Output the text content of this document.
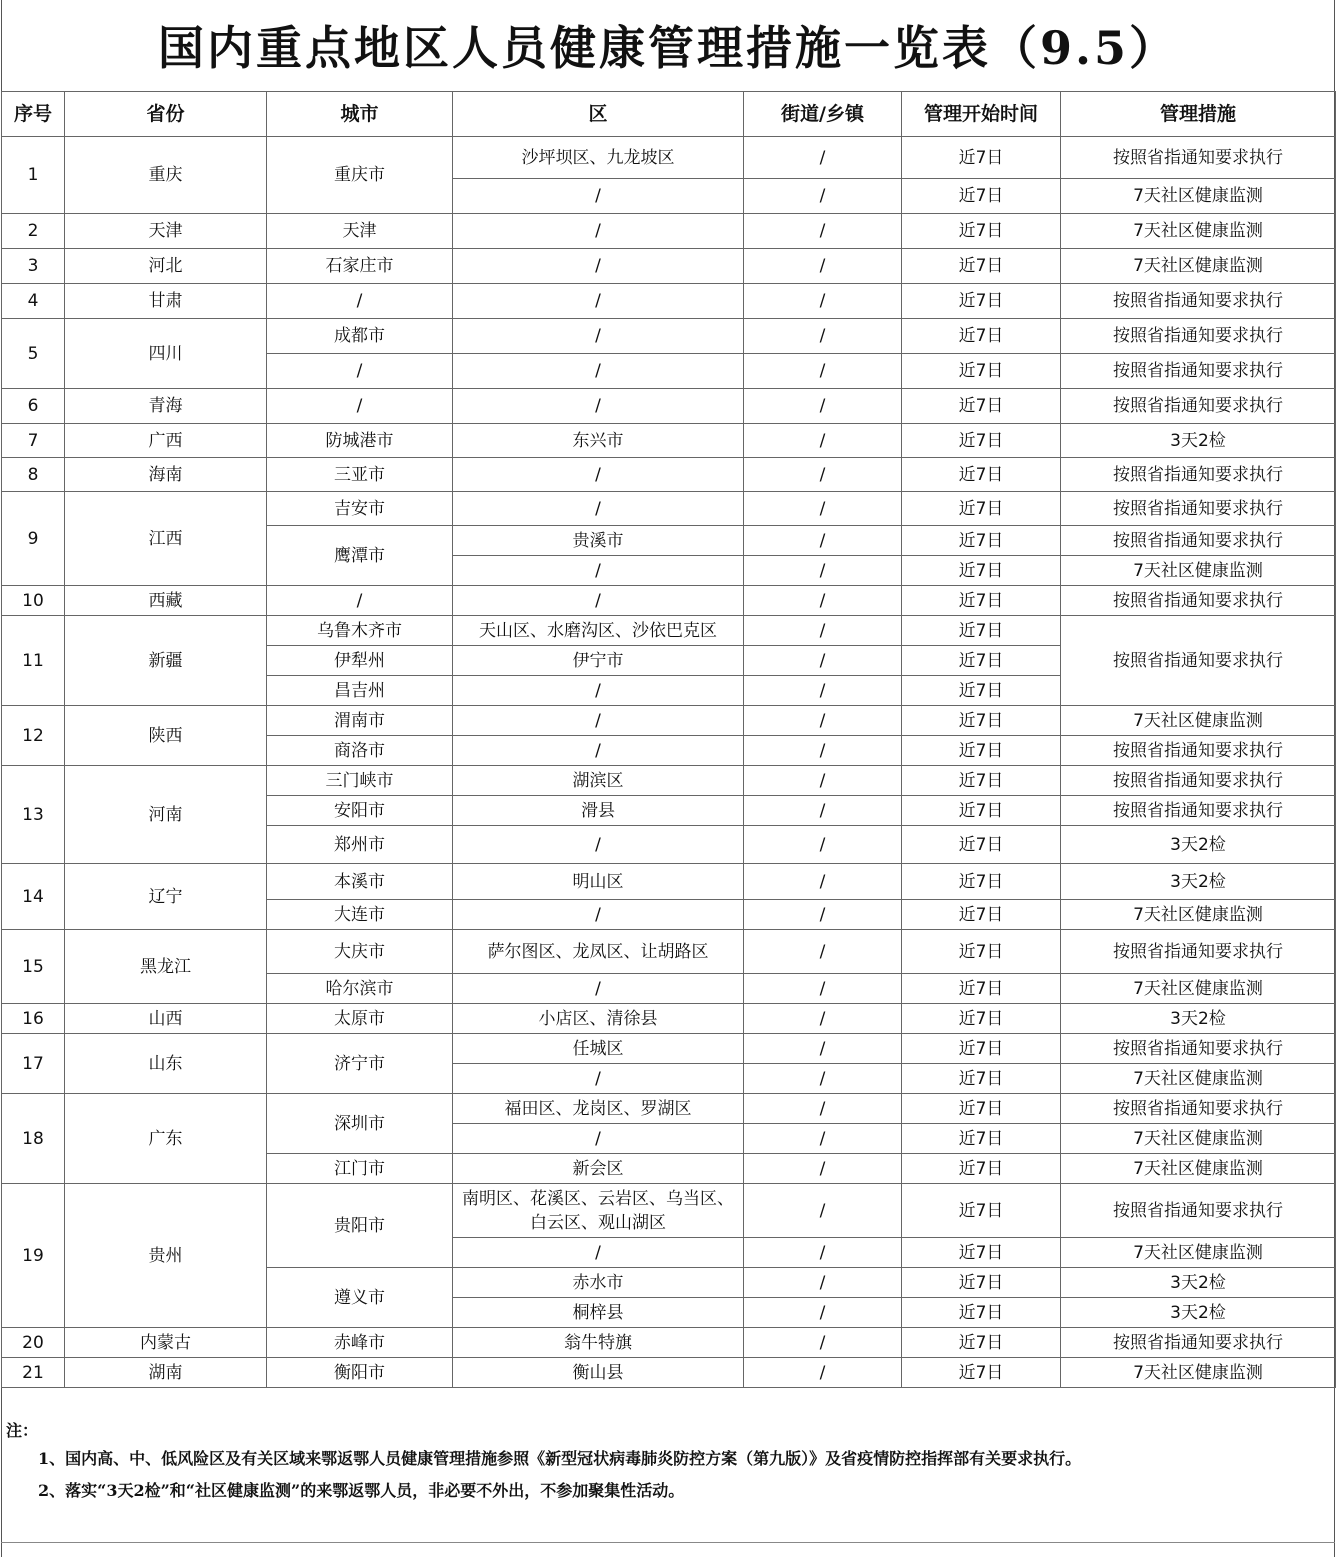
国内重点地区人员健康管理措施一览表（9.5）
序号	省份	城市	区	街道/乡镇	管理开始时间	管理措施
1	重庆	重庆市	沙坪坝区、九龙坡区	/	近7日	按照省指通知要求执行
			/	/	近7日	7天社区健康监测
2	天津	天津	/	/	近7日	7天社区健康监测
3	河北	石家庄市	/	/	近7日	7天社区健康监测
4	甘肃	/	/	/	近7日	按照省指通知要求执行
5	四川	成都市	/	/	近7日	按照省指通知要求执行
		/	/	/	近7日	按照省指通知要求执行
6	青海	/	/	/	近7日	按照省指通知要求执行
7	广西	防城港市	东兴市	/	近7日	3天2检
8	海南	三亚市	/	/	近7日	按照省指通知要求执行
9	江西	吉安市	/	/	近7日	按照省指通知要求执行
		鹰潭市	贵溪市	/	近7日	按照省指通知要求执行
			/	/	近7日	7天社区健康监测
10	西藏	/	/	/	近7日	按照省指通知要求执行
11	新疆	乌鲁木齐市	天山区、水磨沟区、沙依巴克区	/	近7日	按照省指通知要求执行
		伊犁州	伊宁市	/	近7日	
		昌吉州	/	/	近7日	
12	陕西	渭南市	/	/	近7日	7天社区健康监测
		商洛市	/	/	近7日	按照省指通知要求执行
13	河南	三门峡市	湖滨区	/	近7日	按照省指通知要求执行
		安阳市	滑县	/	近7日	按照省指通知要求执行
		郑州市	/	/	近7日	3天2检
14	辽宁	本溪市	明山区	/	近7日	3天2检
		大连市	/	/	近7日	7天社区健康监测
15	黑龙江	大庆市	萨尔图区、龙凤区、让胡路区	/	近7日	按照省指通知要求执行
		哈尔滨市	/	/	近7日	7天社区健康监测
16	山西	太原市	小店区、清徐县	/	近7日	3天2检
17	山东	济宁市	任城区	/	近7日	按照省指通知要求执行
			/	/	近7日	7天社区健康监测
18	广东	深圳市	福田区、龙岗区、罗湖区	/	近7日	按照省指通知要求执行
			/	/	近7日	7天社区健康监测
		江门市	新会区	/	近7日	7天社区健康监测
19	贵州	贵阳市	南明区、花溪区、云岩区、乌当区、白云区、观山湖区	/	近7日	按照省指通知要求执行
			/	/	近7日	7天社区健康监测
		遵义市	赤水市	/	近7日	3天2检
			桐梓县	/	近7日	3天2检
20	内蒙古	赤峰市	翁牛特旗	/	近7日	按照省指通知要求执行
21	湖南	衡阳市	衡山县	/	近7日	7天社区健康监测
注：
1、国内高、中、低风险区及有关区域来鄂返鄂人员健康管理措施参照《新型冠状病毒肺炎防控方案（第九版）》及省疫情防控指挥部有关要求执行。
2、落实“3天2检”和“社区健康监测”的来鄂返鄂人员，非必要不外出，不参加聚集性活动。
